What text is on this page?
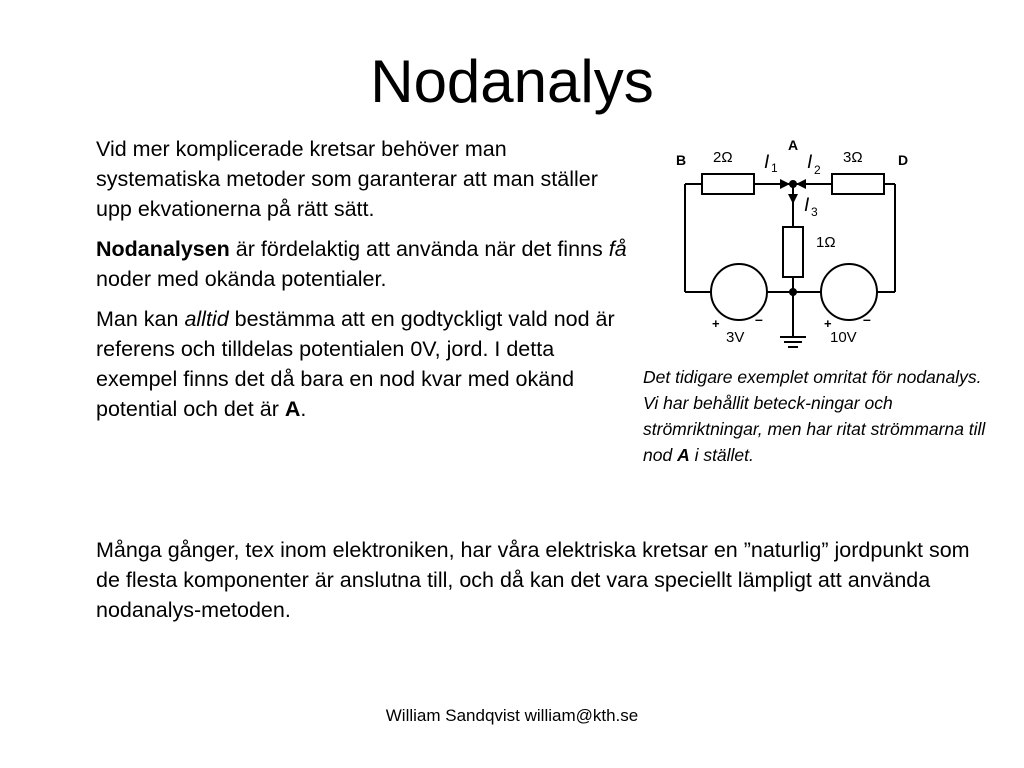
Nodanalys

Vid mer komplicerade kretsar behöver man systematiska metoder som garanterar att man ställer upp ekvationerna på rätt sätt.

Nodanalysen är fördelaktig att använda när det finns få noder med okända potentialer.

Man kan alltid bestämma att en godtyckligt vald nod är referens och tilldelas potentialen 0V, jord. I detta exempel finns det då bara en nod kvar med okänd potential och det är A.

A
B	D
2Ω	3Ω
1Ω
I 1 I 2
I 3
+	–	+ –
3V	10V
Det tidigare exemplet omritat för nodanalys. Vi har behållit beteck-ningar och strömriktningar, men har ritat strömmarna till nod A i stället.
Många gånger, tex inom elektroniken, har våra elektriska kretsar en ”naturlig” jordpunkt som de flesta komponenter är anslutna till, och då kan det vara speciellt lämpligt att använda nodanalys-metoden.
William Sandqvist william@kth.se
